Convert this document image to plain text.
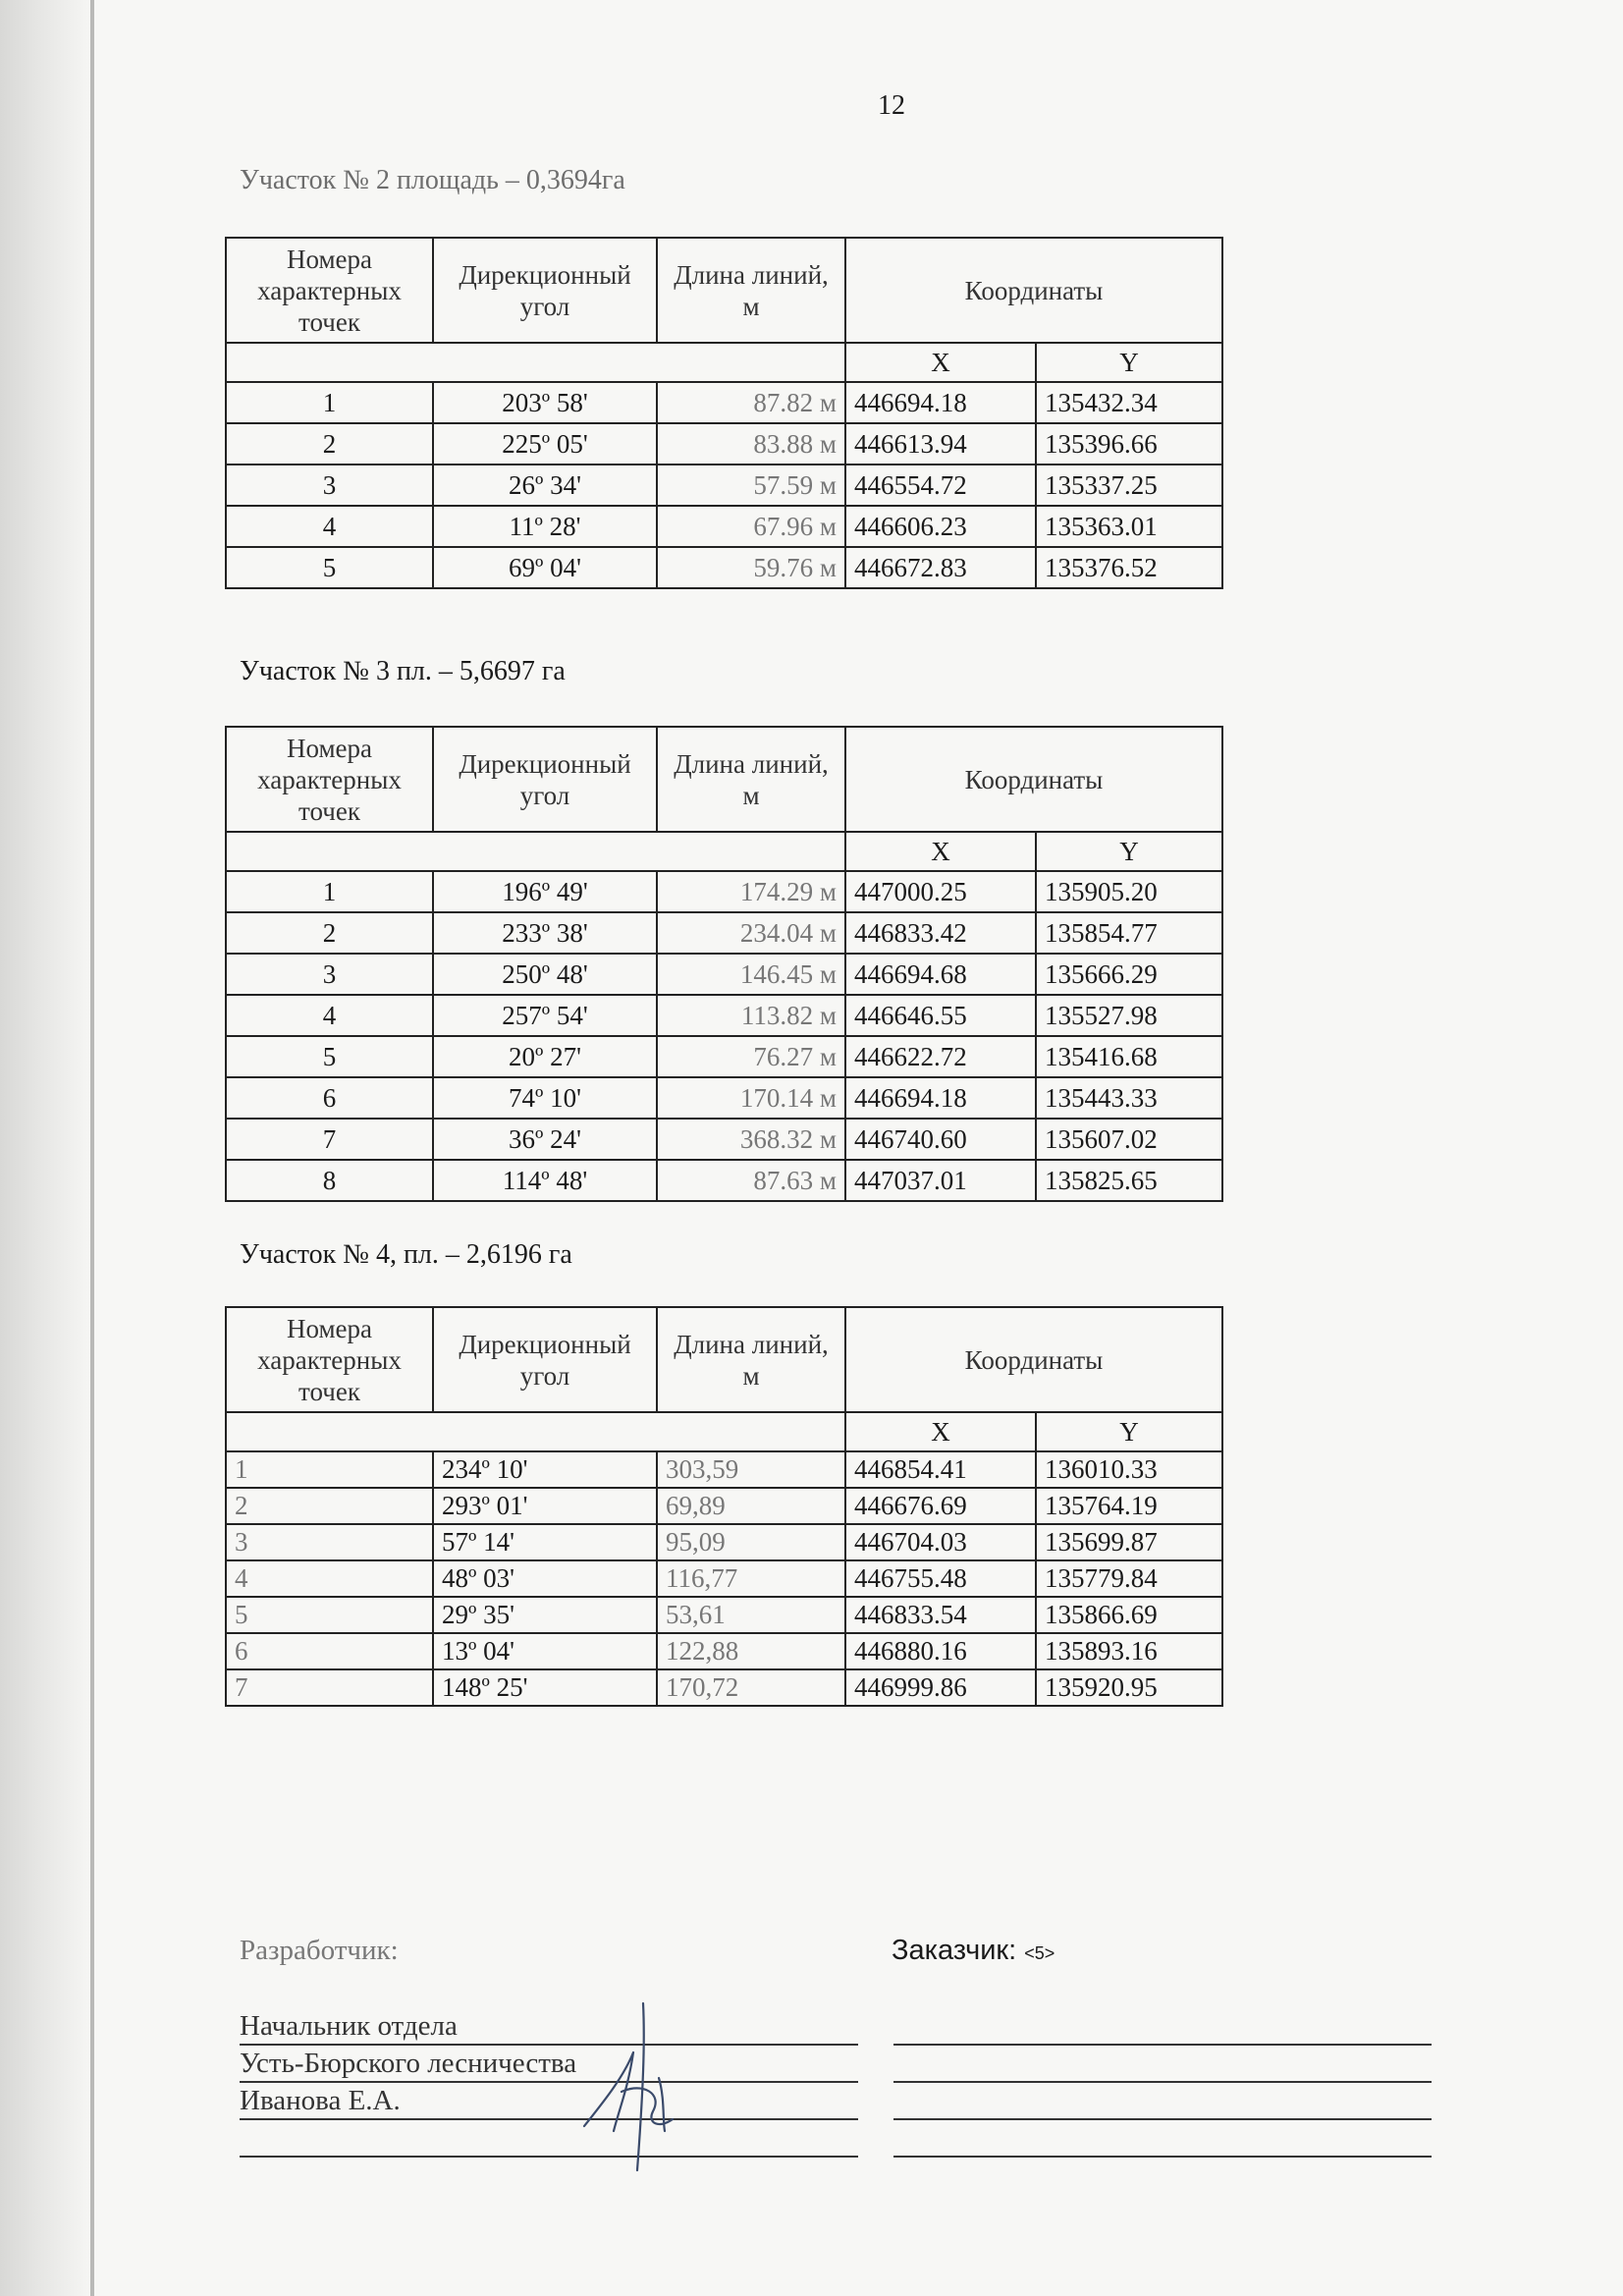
12
Участок № 2 площадь – 0,3694га
Номера характерных точек	Дирекционный угол	Длина линий, м	Координаты	
			X	Y
1	203º 58'	87.82 м	446694.18	135432.34
2	225º 05'	83.88 м	446613.94	135396.66
3	26º 34'	57.59 м	446554.72	135337.25
4	11º 28'	67.96 м	446606.23	135363.01
5	69º 04'	59.76 м	446672.83	135376.52
Участок № 3 пл. – 5,6697 га
Номера характерных точек	Дирекционный угол	Длина линий, м	Координаты	
			X	Y
1	196º 49'	174.29 м	447000.25	135905.20
2	233º 38'	234.04 м	446833.42	135854.77
3	250º 48'	146.45 м	446694.68	135666.29
4	257º 54'	113.82 м	446646.55	135527.98
5	20º 27'	76.27 м	446622.72	135416.68
6	74º 10'	170.14 м	446694.18	135443.33
7	36º 24'	368.32 м	446740.60	135607.02
8	114º 48'	87.63 м	447037.01	135825.65
Участок № 4, пл. – 2,6196 га
Номера характерных точек	Дирекционный угол	Длина линий, м	Координаты	
			X	Y
1	234º 10'	303,59	446854.41	136010.33
2	293º 01'	69,89	446676.69	135764.19
3	57º 14'	95,09	446704.03	135699.87
4	48º 03'	116,77	446755.48	135779.84
5	29º 35'	53,61	446833.54	135866.69
6	13º 04'	122,88	446880.16	135893.16
7	148º 25'	170,72	446999.86	135920.95
Разработчик:	Заказчик: <5>
Начальник отдела
Усть-Бюрского лесничества
Иванова Е.А.
